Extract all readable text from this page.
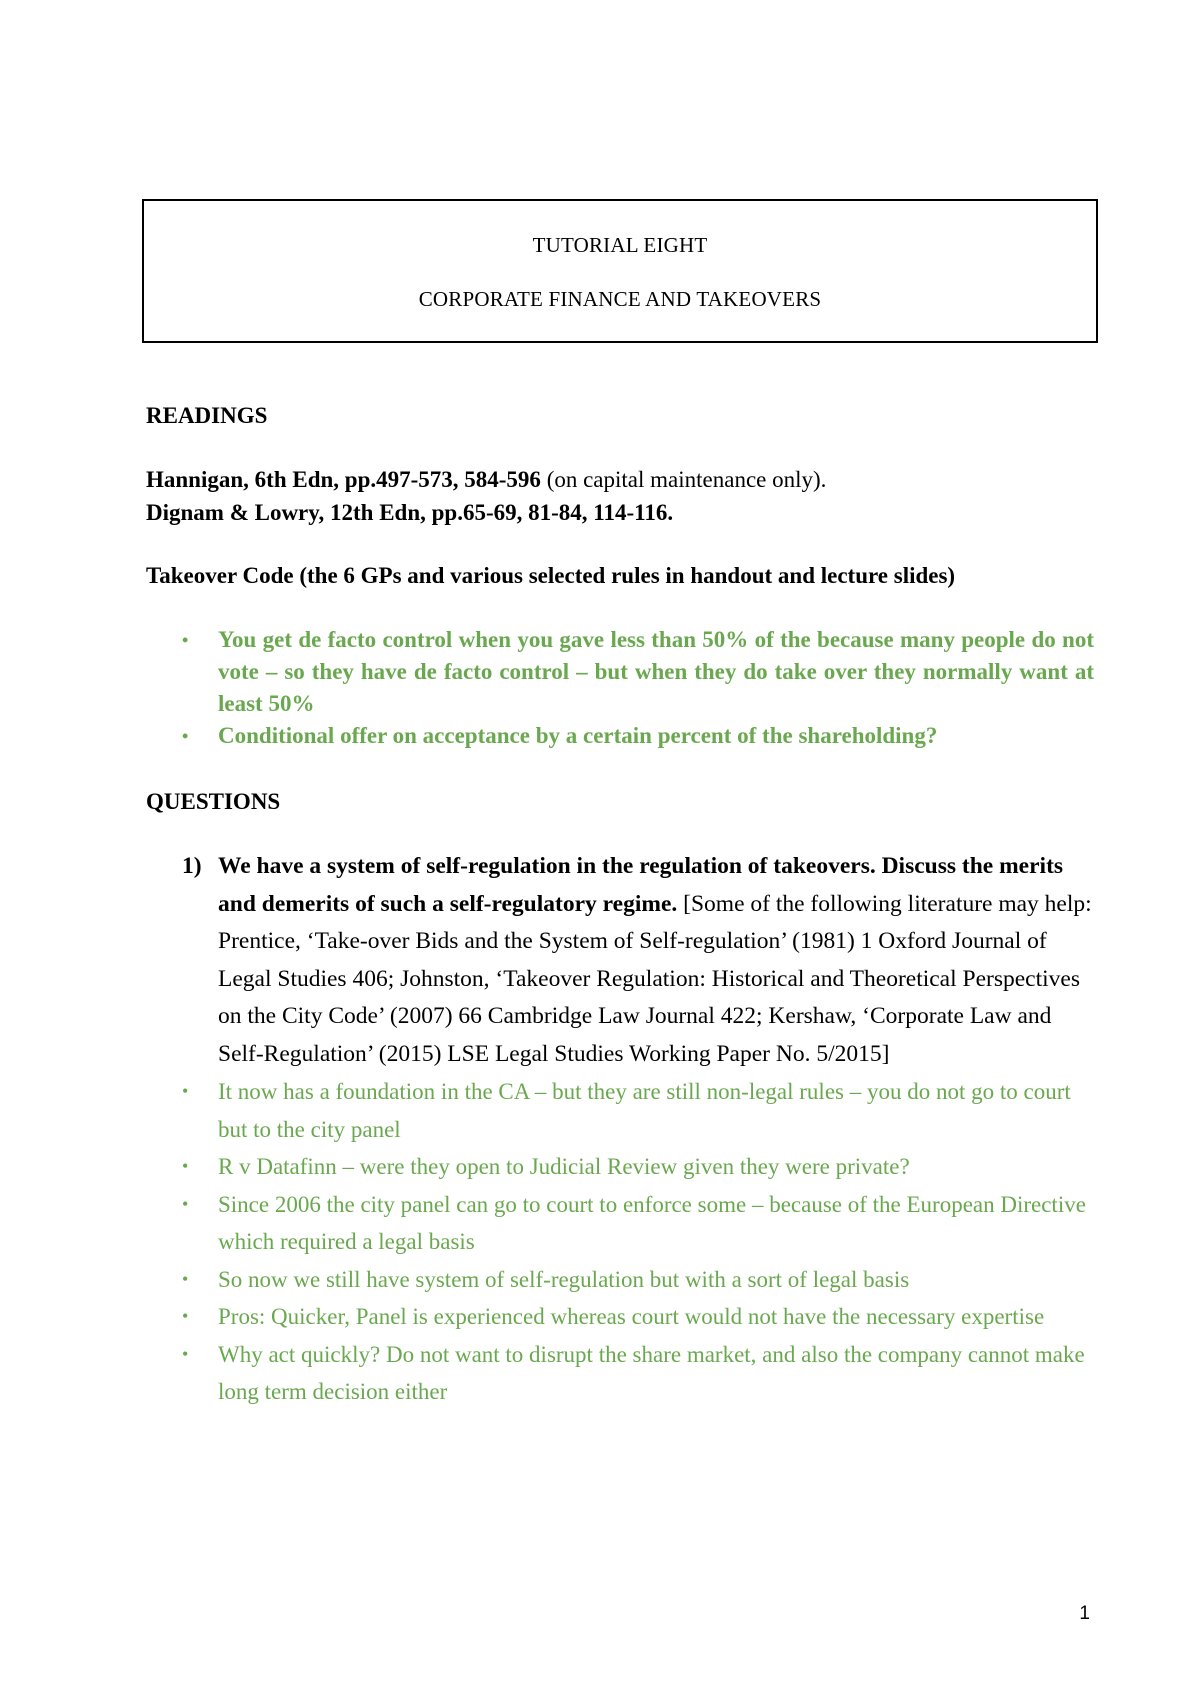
TUTORIAL EIGHT
CORPORATE FINANCE AND TAKEOVERS

READINGS

Hannigan, 6th Edn, pp.497-573, 584-596 (on capital maintenance only).

Dignam & Lowry, 12th Edn, pp.65-69, 81-84, 114-116.

Takeover Code (the 6 GPs and various selected rules in handout and lecture slides)

• You get de facto control when you gave less than 50% of the because many people do not vote – so they have de facto control – but when they do take over they normally want at least 50%
• Conditional offer on acceptance by a certain percent of the shareholding?

QUESTIONS

1) We have a system of self-regulation in the regulation of takeovers. Discuss the merits and demerits of such a self-regulatory regime. [Some of the following literature may help: Prentice, ‘Take-over Bids and the System of Self-regulation’ (1981) 1 Oxford Journal of Legal Studies 406; Johnston, ‘Takeover Regulation: Historical and Theoretical Perspectives on the City Code’ (2007) 66 Cambridge Law Journal 422; Kershaw, ‘Corporate Law and Self-Regulation’ (2015) LSE Legal Studies Working Paper No. 5/2015]
• It now has a foundation in the CA – but they are still non-legal rules – you do not go to court but to the city panel
• R v Datafinn – were they open to Judicial Review given they were private?
• Since 2006 the city panel can go to court to enforce some – because of the European Directive which required a legal basis
• So now we still have system of self-regulation but with a sort of legal basis
• Pros: Quicker, Panel is experienced whereas court would not have the necessary expertise
• Why act quickly? Do not want to disrupt the share market, and also the company cannot make long term decision either
1
